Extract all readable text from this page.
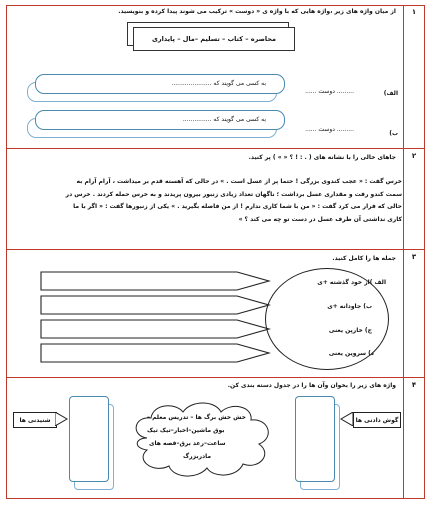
۱
از میان واژه های زیر ،واژه هایی که با واژه ی « دوست » ترکیب می شوند پیدا کرده و بنویسید.
محاصره – کتاب – تسلیم –مال – پایداری
الف)
به کسی می گویند که .....................
......... دوست ......
ب)
به کسی می گویند که ...............
......... دوست ......
۲
جاهای خالی را با نشانه های ( . : ! ؟ « » ) پر کنید.
خرس گفت : « عجب کندوی بزرگی ! حتما پر از عسل است . » در حالی که آهسته قدم بر میداشت ، آرام آرام به
سمت کندو رفت و مقداری عسل برداشت ؛ ناگهان تعداد زیادی زنبور بیرون پریدند و به خرس حمله کردند . خرس در
حالی که فرار می کرد گفت : « من با شما کاری ندارم ! از من فاصله بگیرید . » یکی از زنبورها گفت : « اگر با ما
کاری نداشتی آن طرف عسل در دست تو چه می کند ؟ »
۳
جمله ها را کامل کنید.
الف )از خود گذشته +ی
ب) جاودانه +ی
ج) خارپن یعنی
د) سروین یعنی
۴
واژه های زیر را بخوان وآن ها را در جدول دسته بندی کن.
شنیدنی ها	خش خش برگ ها – تدریس معلم –
بوق ماشین–اخبار–تیک تیک
ساعت–رعد برق–قصه های
مادربزرگ
گوش دادنی ها
